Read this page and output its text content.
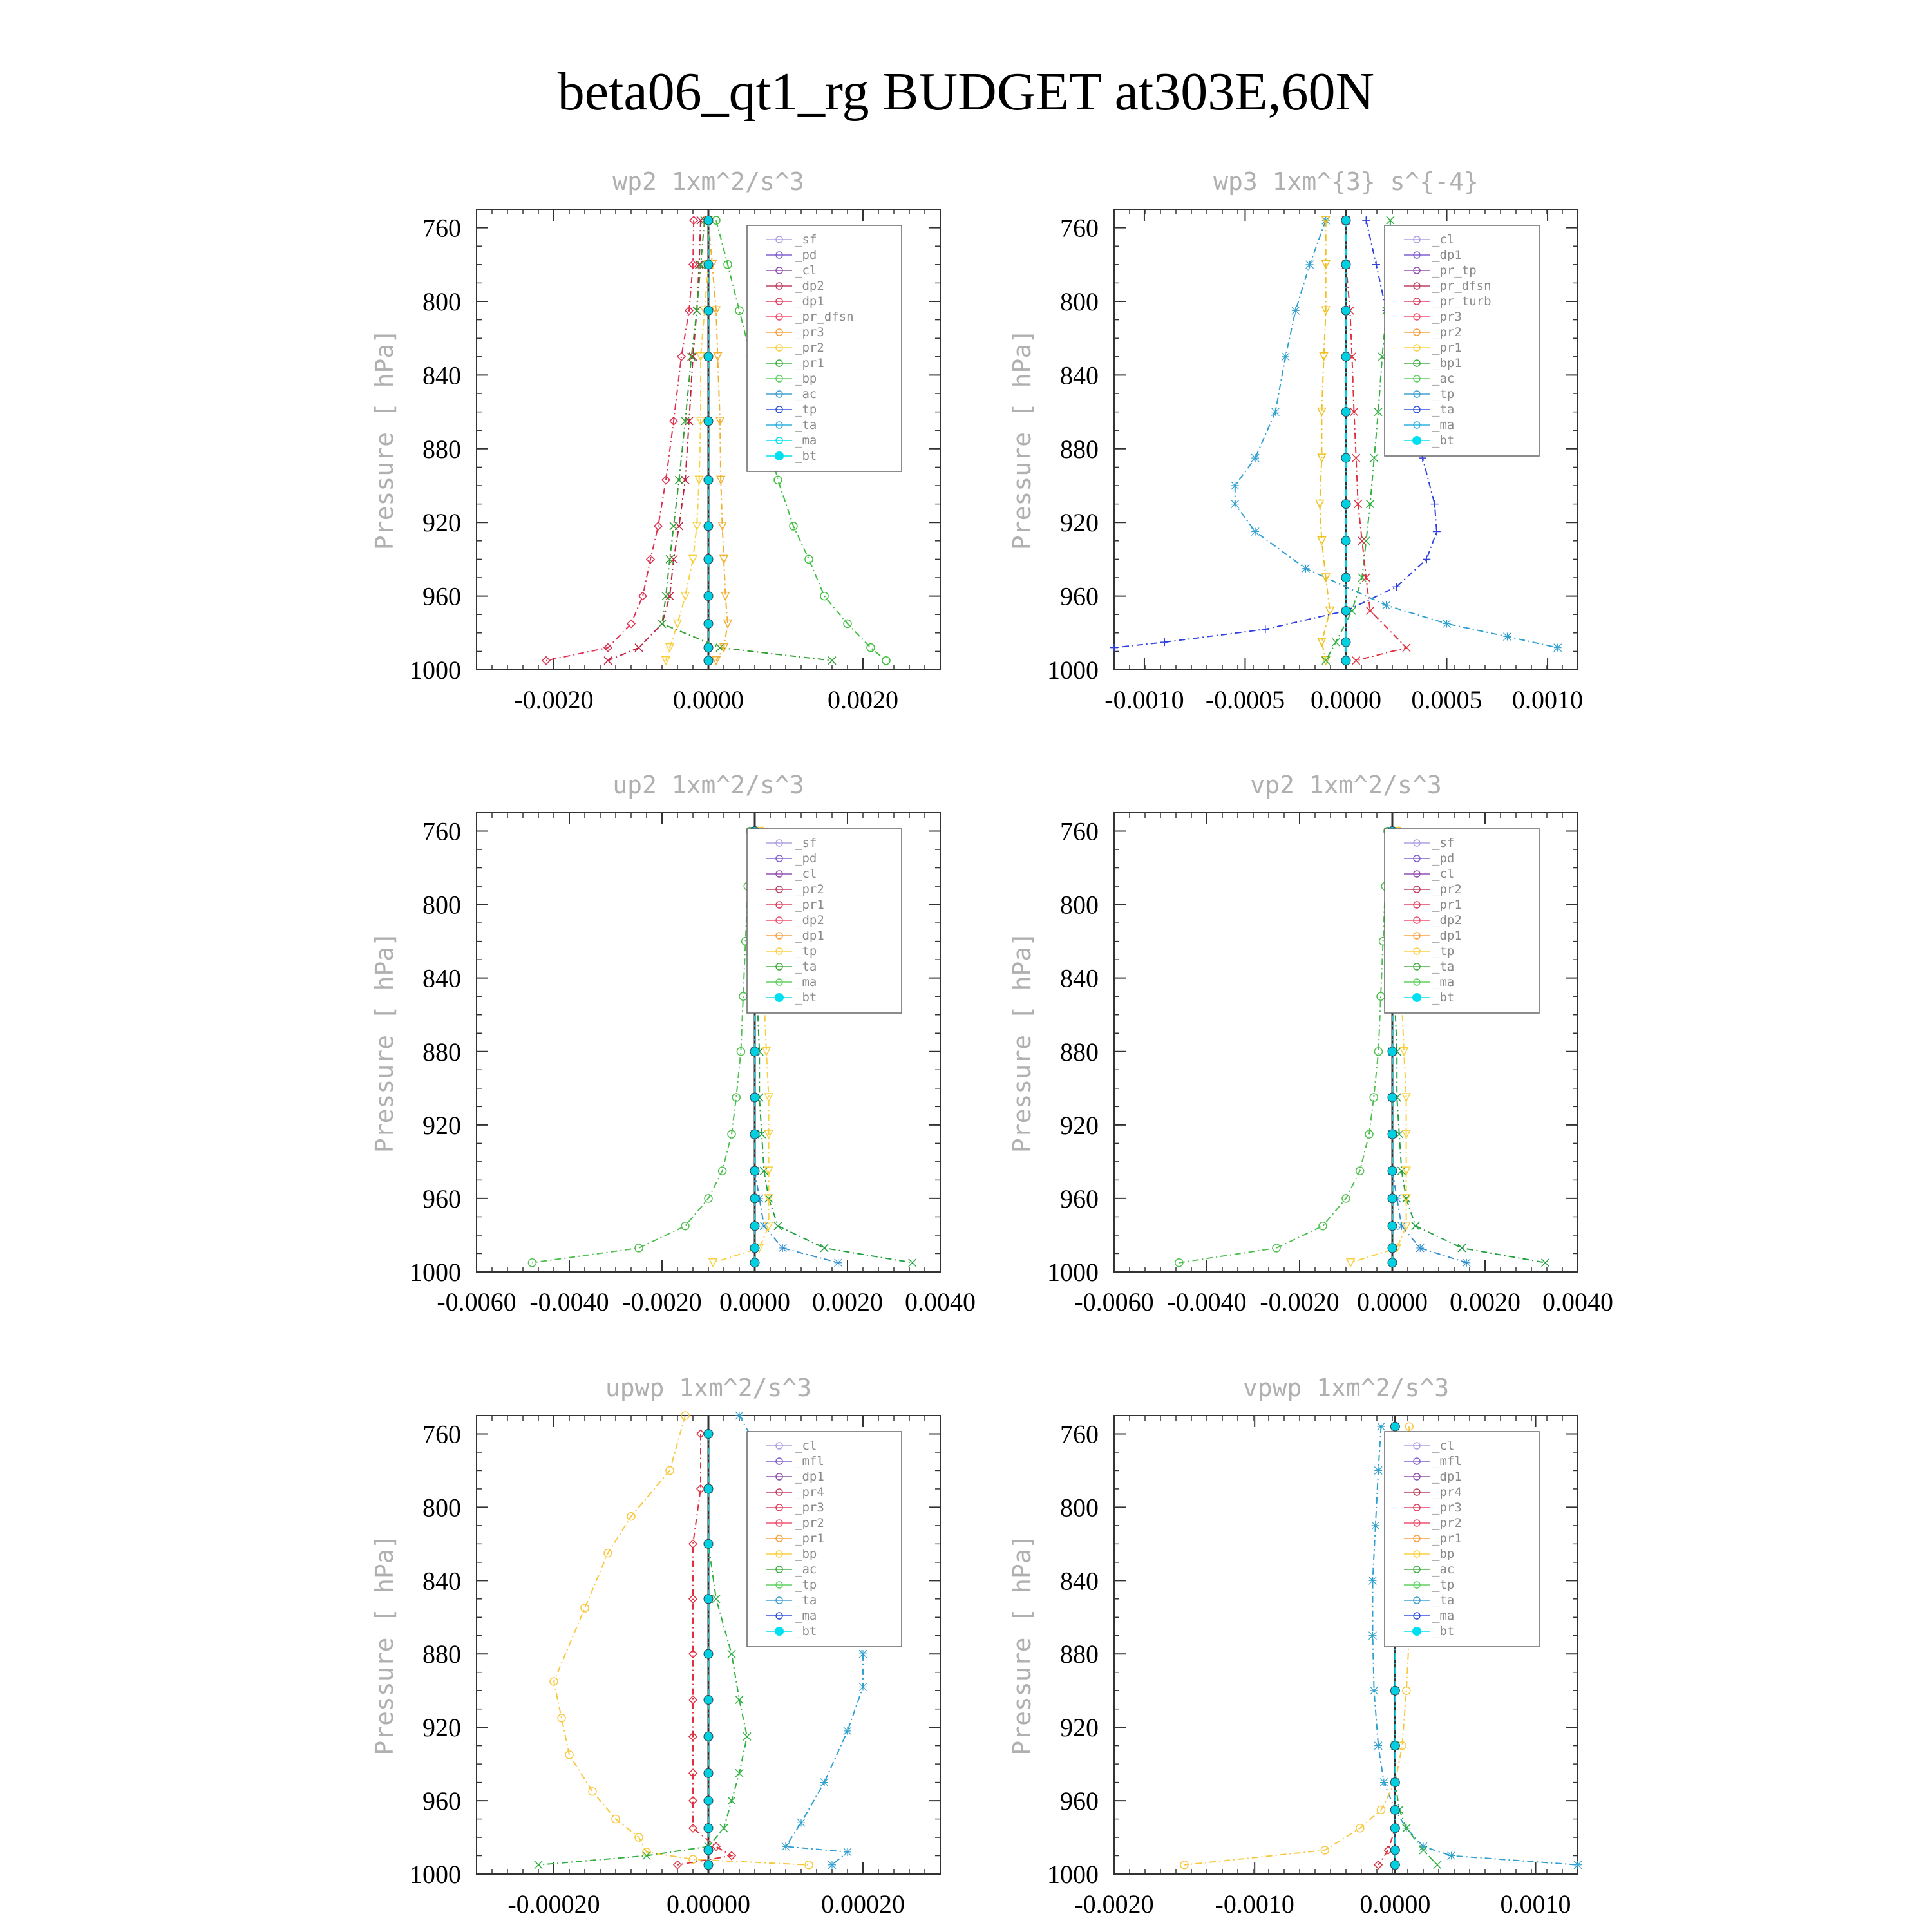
beta06_qt1_rg BUDGET at303E,60N
wp2 1xm^2/s^3
Pressure [ hPa]
760
800
840
880
920
960
1000
-0.0020	0.0000	0.0020
_sf
_pd
_cl
_dp2
_dp1
_pr_dfsn
_pr3
_pr2
_pr1
_bp
_ac
_tp
_ta
_ma
_bt
wp3 1xm^{3} s^{-4}
Pressure [ hPa]
760
800
840
880
920
960
1000
-0.0010 -0.0005 0.0000 0.0005 0.0010
_cl
_dp1
_pr_tp
_pr_dfsn
_pr_turb
_pr3
_pr2
_pr1
_bp1
_ac
_tp
_ta
_ma
_bt
up2 1xm^2/s^3
Pressure [ hPa]
760
800
840
880
920
960
1000
-0.0060 -0.0040 -0.0020 0.0000 0.0020 0.0040
_sf
_pd
_cl
_pr2
_pr1
_dp2
_dp1
_tp
_ta
_ma
_bt
vp2 1xm^2/s^3
Pressure [ hPa]
760
800
840
880
920
960
1000
-0.0060 -0.0040 -0.0020 0.0000 0.0020 0.0040
_sf
_pd
_cl
_pr2
_pr1
_dp2
_dp1
_tp
_ta
_ma
_bt
upwp 1xm^2/s^3
Pressure [ hPa]
760
800
840
880
920
960
1000
-0.00020	0.00000	0.00020
_cl
_mfl
_dp1
_pr4
_pr3
_pr2
_pr1
_bp
_ac
_tp
_ta
_ma
_bt
vpwp 1xm^2/s^3
Pressure [ hPa]
760
800
840
880
920
960
1000
-0.0020 -0.0010	0.0000	0.0010
_cl
_mfl
_dp1
_pr4
_pr3
_pr2
_pr1
_bp
_ac
_tp
_ta
_ma
_bt
